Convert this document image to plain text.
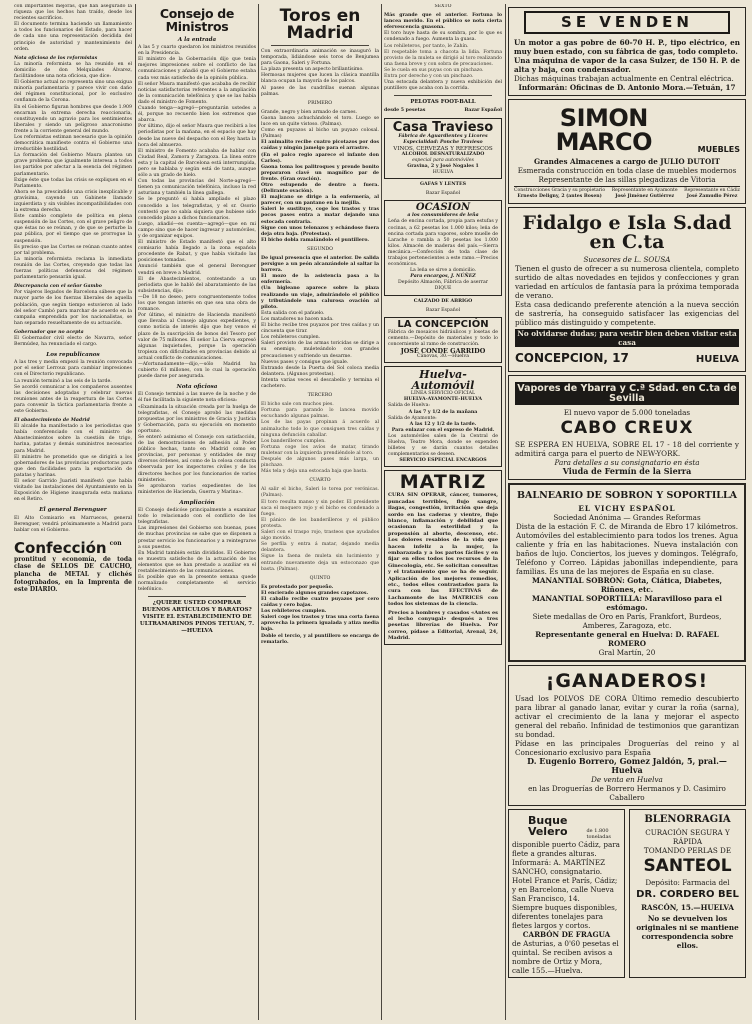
con importantes mejoras, que han asegurado la riqueza que los hechos han traído, desde los recientes sacrificios.

El documento termina haciendo un llamamiento a todos los funcionarios del Estado, para hacer de cada uno una representación decidida del principio de autoridad y mantenimiento del orden.

Nota oficiosa de los reformistas

La minoría reformista se ha reunido en el domicilio de don Melquíades Álvarez, facilitándose una nota oficiosa, que dice:

El Gobierno actual no representa sino una exigua minoría parlamentaria y parece vivir con daño del régimen constitucional, por lo exclusivo confianza de la Corona.

En el Gobierno figuran hombres que desde 1.909 encarnan la extrema derecha reaccionaria, constituyendo un agravio para los sentimientos liberales y siendo un peligroso anacronismo frente a la corriente general del mundo.

Los reformistas estiman necesario que la opinión democrática manifieste contra el Gobierno una irreductible hostilidad.

La formación del Gobierno Maura plantea un grave problema que igualmente interesa a todos los partidos por afectar a la esencia del régimen parlamentario.

Exige éste que todas las crisis se expliquen en el Parlamento.

Ahora se ha prescindido una crisis inexplicable y gravísima, cayendo un Gabinete llamado izquierdista y sin visibles incompatibilidades con la extrema derecha.

Este cambio completo de política en plena suspensión de las Cortes, con el grave peligro de que éstas no se reúnan, y de que se perturbe la paz pública, por el tiempo que se prorrogue la suspensión.

Es preciso que las Cortes se reúnan cuanto antes por tal problema.

La minoría reformista reclama la inmediata reunión de las Cortes, creyendo que todas las fuerzas políticas defensoras del régimen parlamentario pensarán igual.

Discrepancia con el señor Gambo

Por viajeros llegados de Barcelona sábese que la mayor parte de los fuerzas liberales de aquella población, que según tiempo estuvieron al lado del señor Cambó para marchar de acuerdo en la campaña emprendida por los nacionalistas, se han separado resueltamente de su actuación.

Gobernador que no acepta

El Gobernador civil electo de Navarra, señor Bermúdez, ha renunciado el cargo.

Los republicanos

A las tres y media empezó la reunión convocada por el señor Lerroux para cambiar impresiones con el Directorio republicano.

La reunión terminó a las seis de la tarde.

Se acordó comunicar a los compañeros ausentes las decisiones adoptadas y celebrar nuevas reuniones antes de la reapertura de las Cortes para convenir la táctica parlamentaria frente a este Gobierno.

El abastecimiento de Madrid

El alcalde ha manifestado a los periodistas que había conferenciado con el ministro de Abastecimientos sobre la cuestión de trigo, harina, patatas y demás suministros necesarios para Madrid.

El ministro he prometido que se dirigirá a los gobernadores de las provincias productoras para que den facilidades para la exportación de patatas y harinas.

El señor Garrido Juaristi manifestó que había visitado las instalaciones del Ayuntamiento en la Exposición de Higiene inaugurada esta mañana en el Retiro.

El general Berenguer

El Alto Comisario en Marruecos, general Berenguer, vendrá próximamente a Madrid para hablar con el Gobierno.

Confección con prontitud y economía, de toda clase de SELLOS DE CAUCHO, plancha de METAL y clichés fotograbados, en la Imprenta de este DIARIO.
Consejo de Ministros

A la entrada

A las 5 y cuarto quedaron los ministros reunidos en la Presidencia.

El ministro de la Gobernación dijo que tenía mejores impresiones sobre el conflicto de las comunicaciones y añadió que el Gobierno estaba cada vez más satisfecho de la opinión pública.

El señor Maura manifestó que acababa de recibir noticias satisfactorias referentes a la ampliación de la comunicación telefónica y que se las había dado el ministro de Fomento.

Cuando tenga—agregó—preguntarán ustedes a él, porque no recuerdo bien los extremos que abarca.

Por último, dijo el señor Maura que recibirá a los periodistas por la mañana, en el espacio que hay desde las nueve del despacho con el Rey hasta la hora del almuerzo.

El ministro de Fomento acababa de hablar con Ciudad Real, Zamora y Zaragoza. La línea entre esta y la capital de Barcelona está interrumpida, pero se hablaba y según está de tanta, aunque sólo a un grado de hielo.

Con todas las provincias del Norte-agregó—tienen ya comunicación telefónica, incluso la red asturiana y también la línea gallega.

Se le preguntó si había ampliado el plazo concedido a los telegrafistas, y el sr. Osorio contestó que no sabía siquiera que hubiese sido concedido plazo a dichos funcionarios.

Luego, añadió—es cuenta—agregó—que en mi campo sino que de hacer ingresar y automóviles, y de organizar equipos.

El ministro de Estado manifestó que el alto comisario había llegado a la zona española procedente de Rabat, y que había visitado las posiciones tomadas.

Anunció también que el general Berenguer vendrá en breve a Madrid.

El de Abastecimientos, contestando a un periodista que le habló del abaratamiento de las subsistencias, dijo:

—De 18 no deseo, pero congruentemente todos los que tengan interés en que sea una obra de romance.

Por último, el ministro de Hacienda manifestó que llevaba al Consejo algunos expedientes, y como noticia de interés dijo que hoy vence el plazo de la suscripción de bonos del Tesoro por valor de 75 millones. El señor La Cierva expresó algunas inquietudes, porque la operación tropieza con dificultades en provincias debido al actual conflicto de comunicaciones.

—Afortunadamente—dijo,—sólo Madrid ha cubierto 61 millones, con lo cual la operación puede darse por asegurada.

Nota oficiosa

El Consejo terminó a las nueve de la noche y de él fué facilitada la siguiente nota oficiosa:

«Examinada la situación creada por la huelga de telegrafistas, el Consejo aprobó las medidas propuestas por los ministros de Gracia y Justicia y Gobernación, para su ejecución en momento oportuno.

Se enteró asimismo el Consejo con satisfacción, de las demostraciones de adhesión al Poder público hechas, tanto en Madrid como en provincias, por personas y entidades de muy diversos órdenes, así como de la celosa conducta observada por los inspectores civiles y de los directores hechos por los funcionarios de varios ministerios.

Se aprobaron varios expedientes de los ministerios de Hacienda, Guerra y Marina».

Ampliación

El Consejo dedicóse principalmente a examinar todo lo relacionado con el conflicto de los telegrafistas.

Las impresiones del Gobierno son buenas, pues de muchas provincias se sabe que se disponen a prestar servicio los funcionarios y a reintegrarse a sus puestos.

En Madrid también están divididos. El Gobierno se muestra satisfecho de la actuación de los elementos que se han prestado a auxiliar en el restablecimiento de las comunicaciones.

Es posible que en la presente semana quede normalizado completamente el servicio telefónico.

¿QUIERE USTED COMPRAR BUENOS ARTÍCULOS Y BARATOS? VISITE EL ESTABLECIMIENTO DE ULTRAMARINOS PINOS TETUAN, 7.—HUELVA

Toros en Madrid

Con extraordinaria animación se inauguró la temporada, lidiándose seis toros de Benjumea para Gaona, Saleri y Fortuna.

La plaza presenta un aspecto brillantísimo.

Hermosas mujeres que lucen la clásica mantilla blanca ocupan la mayoría de los palcos.

Al paseo de las cuadrillas suenan algunas palmas.

PRIMERO

Grande, negro y bien armado de carnes.

Gaona lancea achuchándolo el toro. Luego se luce en un quite vistoso. (Palmas).

Como en puyazos al bicho un puyazo colosal. (Palmas)

El animalito recibe cuatro picotazos por dos caídas y ningún jamelgo para el arrastre.

(En el palco regio aparece el infante don Carlos).

Gaona toma los palitroques y prende bonito prepararon clavé un magnífico par de frente. (Gran ovación).

Otro estupendo de dentro a fuera. (Delirante ovación).

El majicano se dirige a la enfermería, al parecer, con un pantano en la mejilla.

Saleri le sustituye, coge los trastos y tras pocos pases entra a matar dejando una estocada contraria.

Sigue con unos telonazos y echándose fuera deja otra baja. (Protestas).

El bicho dobla ramalándolo el puntillero.

SEGUNDO

De igual presencia que el anterior. De salida persigue a un peón alcanzándole al saltar la barrera.

El mozo de la asistencia pasa a la enfermería.

(Un bigleano aparece sobre la plaza realizando un viaje, admirándolo el público y tributándole una calurosa ovación al piloto.

Esta salida con el pañuelo.

Los matadores no hacen nada.

El bicho recibe tres puyazos por tres caídas y un cincuenta que tirar.

Los rehileteros cumplen.

Saleri provisto de las armas toricidas se dirige a su enemigo, muleteándolo con grandes precauciones y sufriendo un desarme.

Nuevos pases y consigue que iguale.

Entrando desde la Puerta del Sol coloca media delantera. (Algunos protestas).

Intenta varias veces el descabello y termina el cachetero.

TERCERO

El bicho sale con muchos pies.

Fortuna para parando lo lancea movido escuchando algunas palmas.

Los de las payas propinan á acuerdo al animalucho todo lo que consiguen tres caídas y ninguna defunción caballar.

Los banderilleros cumplen.

Fortuna coge los avíos de matar, tirando muletear con la izquierda prendiéndole al toro.

Después de algunos pases más larga, un pinchazo.

Más tela y deja una estocada baja que basta.

CUARTO

Al salir el bicho, Saleri lo torea por verónicas. (Palmas).

El toro resulta manso y sin poder. El presidente saca el moquero rojo y el bicho es condenado a fuego.

El pánico de los banderilleros y el público protesta.

Saleri con el traspo rojo, trasteos que ayudados algo movido.

Se perfila y entra á matar, dejando media delantera.

Sigue la faena de muleta sin lucimiento y entrando nuevamente deja un estoconazo que basta. (Palmas).

QUINTO

Es protestado por pequeño.

El encierado algunos grandes capotazos.

El caballo recibe cuatro puyazos por cero caídas y cero bajas.

Los rehileteros cumplen.

Saleri coge los trastos y tras una corta faena aprovecha la primera igualada y atiza media baja.

Doble el tercio, y al puntillero se encarga de rematarlo.

SEXTO

Más grande que el anterior. Fortuna lo lancea movido. En el público se nota cierta efervescencia guasona.

El toro huye hasta de su sombra, por lo que es condenado a fuego. Aumenta la guasa.

Los rehileteros, por tanto, le Zahín.

El respetable toma a chacota la lidia. Fortuna provisto de la muleta se dirigió al toro realizando una faena breve y con sobra de precauciones.

Se le cuela en sus puyas con un pinchazo.

Entra por derecho y con un pinchazo.

Una estocada delantera y nueva exhibición del puntillero que acaba con la corrida.

PELOTAS FOOT-BALL

desde 5 pesetas	Bazar Español
Casa Travieso

Fábrica de Aguardientes y Licores

Especialidad: Ponche Travieso

VINOS, CERVEZAS Y REFRESCOS

ALCOHOL DESNATURALIZADO

especial para automóviles

Gravina, 2 y José Nogales 1

HUELVA

GAFAS Y LENTES

Bazar Español

OCASION

a los consumidores de leña

Leña de encina cortada, propia para estufas y cocinas, a 62 pesetas los 1.000 kilos; leña de encina cortada para vapores, sobre muelle de Larache o rambla a 50 pesetas los 1.000 kilos. Almacén de maderas del país.—Sierra mecánica.—Confección de toda clase de trabajos pertenecientes a este ramo.—Precios económicos.

La leña se sirve a domicilio.

Para encargos, J. NÚÑEZ

Depósito Almacén, Fábrica de aserrar

DIQUE

CALZADO DE ABRIGO

Bazar Español

LA CONCEPCIÓN

Fábrica de mosaicos hidráulicos y losetas de cemento.—Depósito de materiales y todo lo concerniente al ramo de construcción.

JOSÉ CONDE GARRIDO

Cánovas, 30.—Huelva

Huelva-Automóvil

LÍNEA SERVICIO OFICIAL

HUELVA-AYAMONTE-HUELVA

Salida de Huelva:

A las 7 y 1/2 de la mañana

Salida de Ayamonte:

A las 12 y 1/2 de la tarde.

Para enlazar con el expreso de Madrid.

Los automóviles salen de la Central de Huelva, Teatro Mora, donde se expenden billetes y se darán cuantos detalles complementarios se deseen.

SERVICIO ESPECIAL ENCARGOS

MATRIZ

CURA SIN OPERAR, cáncer, tumores, puncadas terribles, flujo sangre, llagas, congestión, irritación que deja sordo en las caderas y vientre, flujo blanco, inflamación y debilidad que ocasionan la esterilidad y la propensión al aborto, descenso, etc. Los dolores resabios de la vida que hacen infeliz a la mujer, la embarazada y a los partos fáciles y en fijar en ellos todos los recursos de la Ginecología, etc. Se solicitan consultas y el tratamiento que se ha de seguir. Aplicación de los mejores remedios, etc., todos ellos contrastados para la cura con las EFECTIVAS de Lachamonte de las MATRICES con todos los sistemas de la ciencia.

Precios a hombres y casados «Antes es el lecho conyugal» después a tres pesetas librerías de Huelva. Por correo, pídase a Editorial, Arenal, 24, Madrid.

SE VENDEN

Un motor a gas pobre de 60-70 H. P., tipo eléctrico, en muy buen estado, con su fábrica de gas, todo completo.

Una máquina de vapor de la casa Sulzer, de 150 H. P. de alta y baja, con condensador.

Dichas máquinas trabajan actualmente en Central eléctrica.

Informarán: Oficinas de D. Antonio Mora.—Tetuán, 17

SIMON MARCO	MUEBLES

Grandes Almacenes a cargo de JULIO DUTOIT

Esmerada construcción en toda clase de muebles modernos

Representante de las sillas plegadizas de Vitoria

Construcciones Gracia y su propietario
Ernesto Deligny, 2 (antes Bosen)
Representante en Ayamonte
José Jiménez Gutiérrez
Representante en Cádiz
José Zamudio Pérez
Fidalgo e Isla S.dad en C.ta

Sucesores de L. SOUSA

Tienen el gusto de ofrecer a su numerosa clientela, completo surtido de altas novedades en tejidos y confecciones y gran variedad en artículos de fantasía para la próxima temporada de verano.

Esta casa dedicando preferente atención a la nueva sección de sastrería, ha conseguido satisfacer las exigencias del público más distinguido y competente.

No olvidarse dudas; para vestir bien deben visitar esta casa

CONCEPCION, 17	HUELVA
Vapores de Ybarra y C.ª Sdad. en C.ta de Sevilla

El nuevo vapor de 5.000 toneladas

CABO CREUX

SE ESPERA EN HUELVA, SOBRE EL 17 ‑ 18 del corriente y admitirá carga para el puerto de NEW-YORK.

Para detalles a su consignatario en ésta

Viuda de Fermín de la Sierra

BALNEARIO DE SOBRON Y SOPORTILLA

EL VICHY ESPAÑOL

Sociedad Anónima — Grandes Reformas

Dista de la estación F. C. de Miranda de Ebro 17 kilómetros. Automóviles del establecimiento para todos los trenes. Agua caliente y fría en las habitaciones. Nueva instalación con baños de lujo. Conciertos, los jueves y domingos. Telégrafo, Teléfono y Correo. Lápidas jabonillas independiente, para familias. Es una de las mejores de España en su clase.

MANANTIAL SOBRON: Gota, Ciática, Diabetes, Riñones, etc.

MANANTIAL SOPORTILLA: Maravilloso para el estómago.

Siete medallas de Oro en París, Frankfort, Burdeos, Amberes, Zaragoza, etc.

Representante general en Huelva: D. RAFAEL ROMERO

Gral Martín, 20

¡GANADEROS!

Usad los POLVOS DE CORA Último remedio descubierto para librar al ganado lanar, evitar y curar la roña (sarna), activar el crecimiento de la lana y mejorar el aspecto general del rebaño. Infinidad de testimonios que garantizan su bondad.

Pídase en las principales Droguerías del reino y al Concesionario exclusivo para España

D. Eugenio Borrero, Gomez Jaldón, 5, pral.—Huelva

De venta en Huelva

en las Droguerías de Borrero Hermanos y D. Casimiro Caballero

Buque Velero	de 1.800 toneladas

disponible puerto Cádiz, para flete a grandes alturas.

Informará: A. MARTÍNEZ SANCHO, consignatario. Hotel France et París, Cádiz; y en Barcelona, calle Nueva San Francisco, 14.

Siempre buques disponibles, diferentes tonelajes para fletes largos y cortos.

CARBÓN DE FRAGUA

de Asturias, a 0'60 pesetas el quintal. Se reciben avisos a nombre de Ortiz y Mora, calle 155.—Huelva.

BLENORRAGIA

CURACIÓN SEGURA Y RÁPIDA

TOMANDO PERLAS DE

SANTEOL

Depósito: Farmacia del

DR. CORDERO BEL

RASCÓN, 15.—HUELVA

No se devuelven los originales ni se mantiene correspondencia sobre ellos.
